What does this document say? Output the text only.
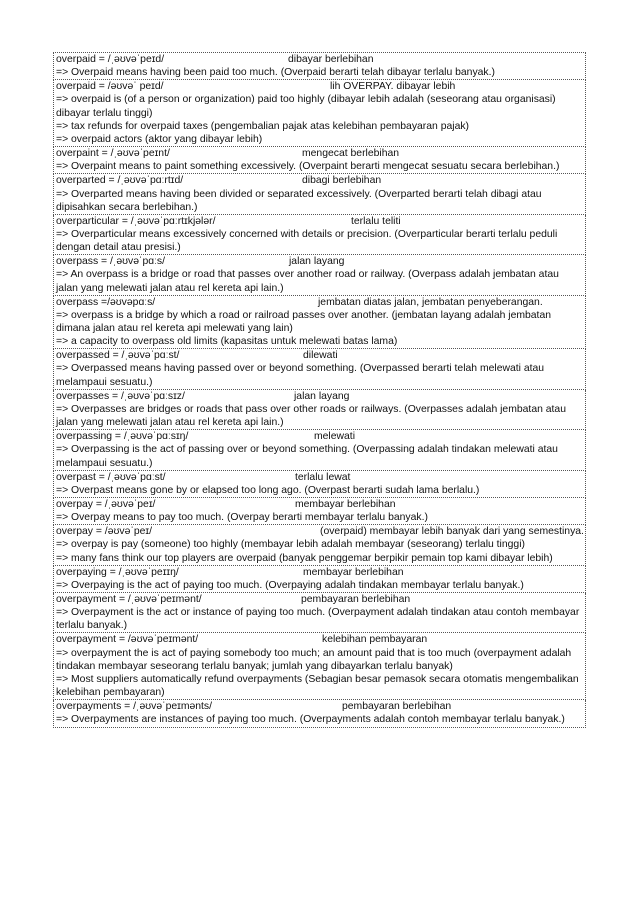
overpaid = /ˌəʊvəˈpeɪd/	dibayar berlebihan
=> Overpaid means having been paid too much. (Overpaid berarti telah dibayar terlalu banyak.)
overpaid = /əʊvəˈ peɪd/	lih OVERPAY. dibayar lebih
=> overpaid is (of a person or organization) paid too highly (dibayar lebih adalah (seseorang atau organisasi) dibayar terlalu tinggi)
=> tax refunds for overpaid taxes (pengembalian pajak atas kelebihan pembayaran pajak)
=> overpaid actors (aktor yang dibayar lebih)
overpaint = /ˌəʊvəˈpeɪnt/	mengecat berlebihan
=> Overpaint means to paint something excessively. (Overpaint berarti mengecat sesuatu secara berlebihan.)
overparted = /ˌəʊvəˈpɑːrtɪd/	dibagi berlebihan
=> Overparted means having been divided or separated excessively. (Overparted berarti telah dibagi atau dipisahkan secara berlebihan.)
overparticular = /ˌəʊvəˈpɑːrtɪkjələr/	terlalu teliti
=> Overparticular means excessively concerned with details or precision. (Overparticular berarti terlalu peduli dengan detail atau presisi.)
overpass = /ˌəʊvəˈpɑːs/	jalan layang
=> An overpass is a bridge or road that passes over another road or railway. (Overpass adalah jembatan atau jalan yang melewati jalan atau rel kereta api lain.)
overpass =/əʊvəpɑːs/	jembatan diatas jalan, jembatan penyeberangan.
=> overpass is a bridge by which a road or railroad passes over another. (jembatan layang adalah jembatan dimana jalan atau rel kereta api melewati yang lain)
=> a capacity to overpass old limits (kapasitas untuk melewati batas lama)
overpassed = /ˌəʊvəˈpɑːst/	dilewati
=> Overpassed means having passed over or beyond something. (Overpassed berarti telah melewati atau melampaui sesuatu.)
overpasses = /ˌəʊvəˈpɑːsɪz/	jalan layang
=> Overpasses are bridges or roads that pass over other roads or railways. (Overpasses adalah jembatan atau jalan yang melewati jalan atau rel kereta api lain.)
overpassing = /ˌəʊvəˈpɑːsɪŋ/	melewati
=> Overpassing is the act of passing over or beyond something. (Overpassing adalah tindakan melewati atau melampaui sesuatu.)
overpast = /ˌəʊvəˈpɑːst/	terlalu lewat
=> Overpast means gone by or elapsed too long ago. (Overpast berarti sudah lama berlalu.)
overpay = /ˌəʊvəˈpeɪ/	membayar berlebihan
=> Overpay means to pay too much. (Overpay berarti membayar terlalu banyak.)
overpay = /əʊvəˈpeɪ/	(overpaid) membayar lebih banyak dari yang semestinya.
=> overpay is pay (someone) too highly (membayar lebih adalah membayar (seseorang) terlalu tinggi)
=> many fans think our top players are overpaid (banyak penggemar berpikir pemain top kami dibayar lebih)
overpaying = /ˌəʊvəˈpeɪɪŋ/	membayar berlebihan
=> Overpaying is the act of paying too much. (Overpaying adalah tindakan membayar terlalu banyak.)
overpayment = /ˌəʊvəˈpeɪmənt/	pembayaran berlebihan
=> Overpayment is the act or instance of paying too much. (Overpayment adalah tindakan atau contoh membayar terlalu banyak.)
overpayment = /əʊvəˈpeɪmənt/	kelebihan pembayaran
=> overpayment the is act of paying somebody too much; an amount paid that is too much (overpayment adalah tindakan membayar seseorang terlalu banyak; jumlah yang dibayarkan terlalu banyak)
=> Most suppliers automatically refund overpayments (Sebagian besar pemasok secara otomatis mengembalikan kelebihan pembayaran)
overpayments = /ˌəʊvəˈpeɪmənts/	pembayaran berlebihan
=> Overpayments are instances of paying too much. (Overpayments adalah contoh membayar terlalu banyak.)
